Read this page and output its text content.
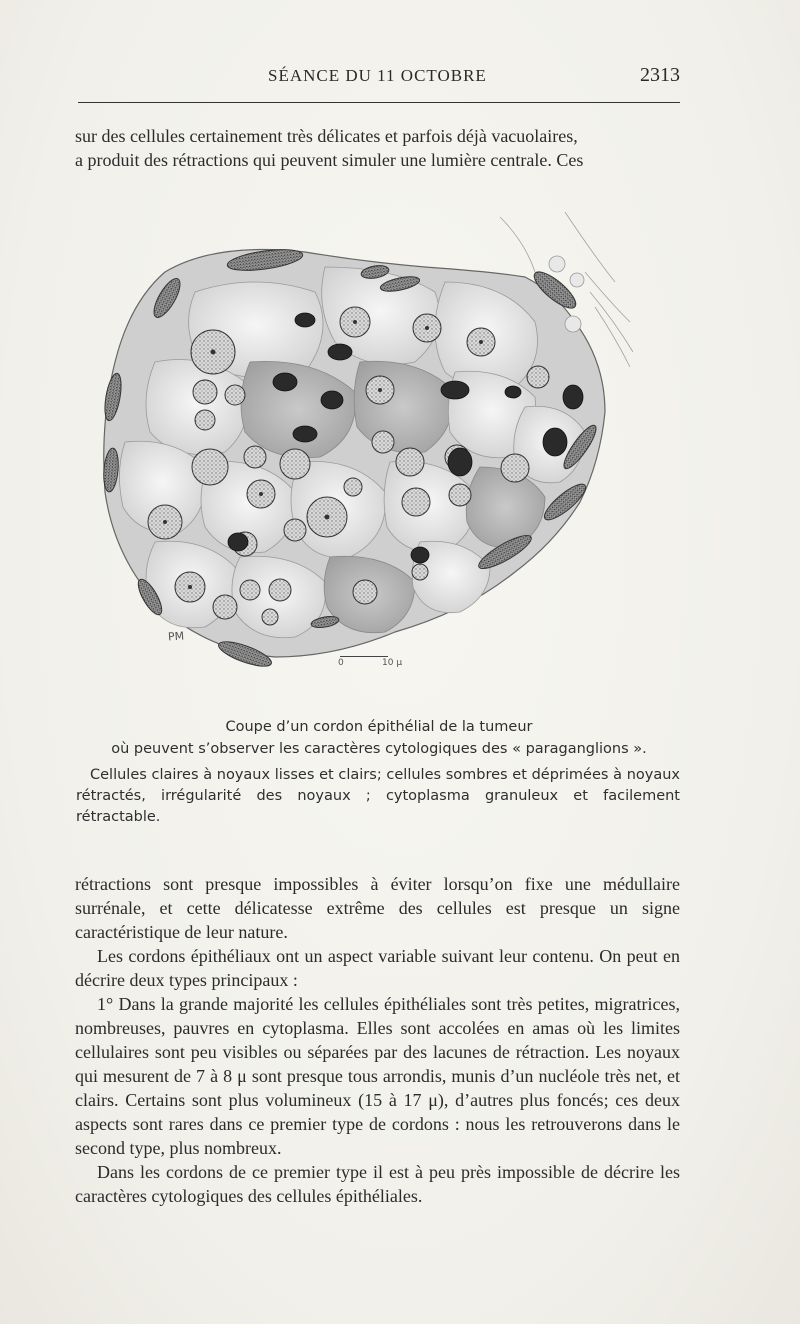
SÉANCE DU 11 OCTOBRE	2313

sur des cellules certainement très délicates et parfois déjà vacuolaires,

a produit des rétractions qui peuvent simuler une lumière centrale. Ces

PM
0	10 μ
Coupe d’un cordon épithélial de la tumeur
où peuvent s’observer les caractères cytologiques des « paraganglions ».
Cellules claires à noyaux lisses et clairs; cellules sombres et déprimées à noyaux rétractés, irrégularité des noyaux ; cytoplasma granuleux et facilement rétractable.

rétractions sont presque impossibles à éviter lorsqu’on fixe une médullaire surrénale, et cette délicatesse extrême des cellules est presque un signe caractéristique de leur nature.

Les cordons épithéliaux ont un aspect variable suivant leur contenu. On peut en décrire deux types principaux :

1° Dans la grande majorité les cellules épithéliales sont très petites, migratrices, nombreuses, pauvres en cytoplasma. Elles sont accolées en amas où les limites cellulaires sont peu visibles ou séparées par des lacunes de rétraction. Les noyaux qui mesurent de 7 à 8 μ sont presque tous arrondis, munis d’un nucléole très net, et clairs. Certains sont plus volumineux (15 à 17 μ), d’autres plus foncés; ces deux aspects sont rares dans ce premier type de cordons : nous les retrouverons dans le second type, plus nombreux.

Dans les cordons de ce premier type il est à peu près impossible de décrire les caractères cytologiques des cellules épithéliales.
